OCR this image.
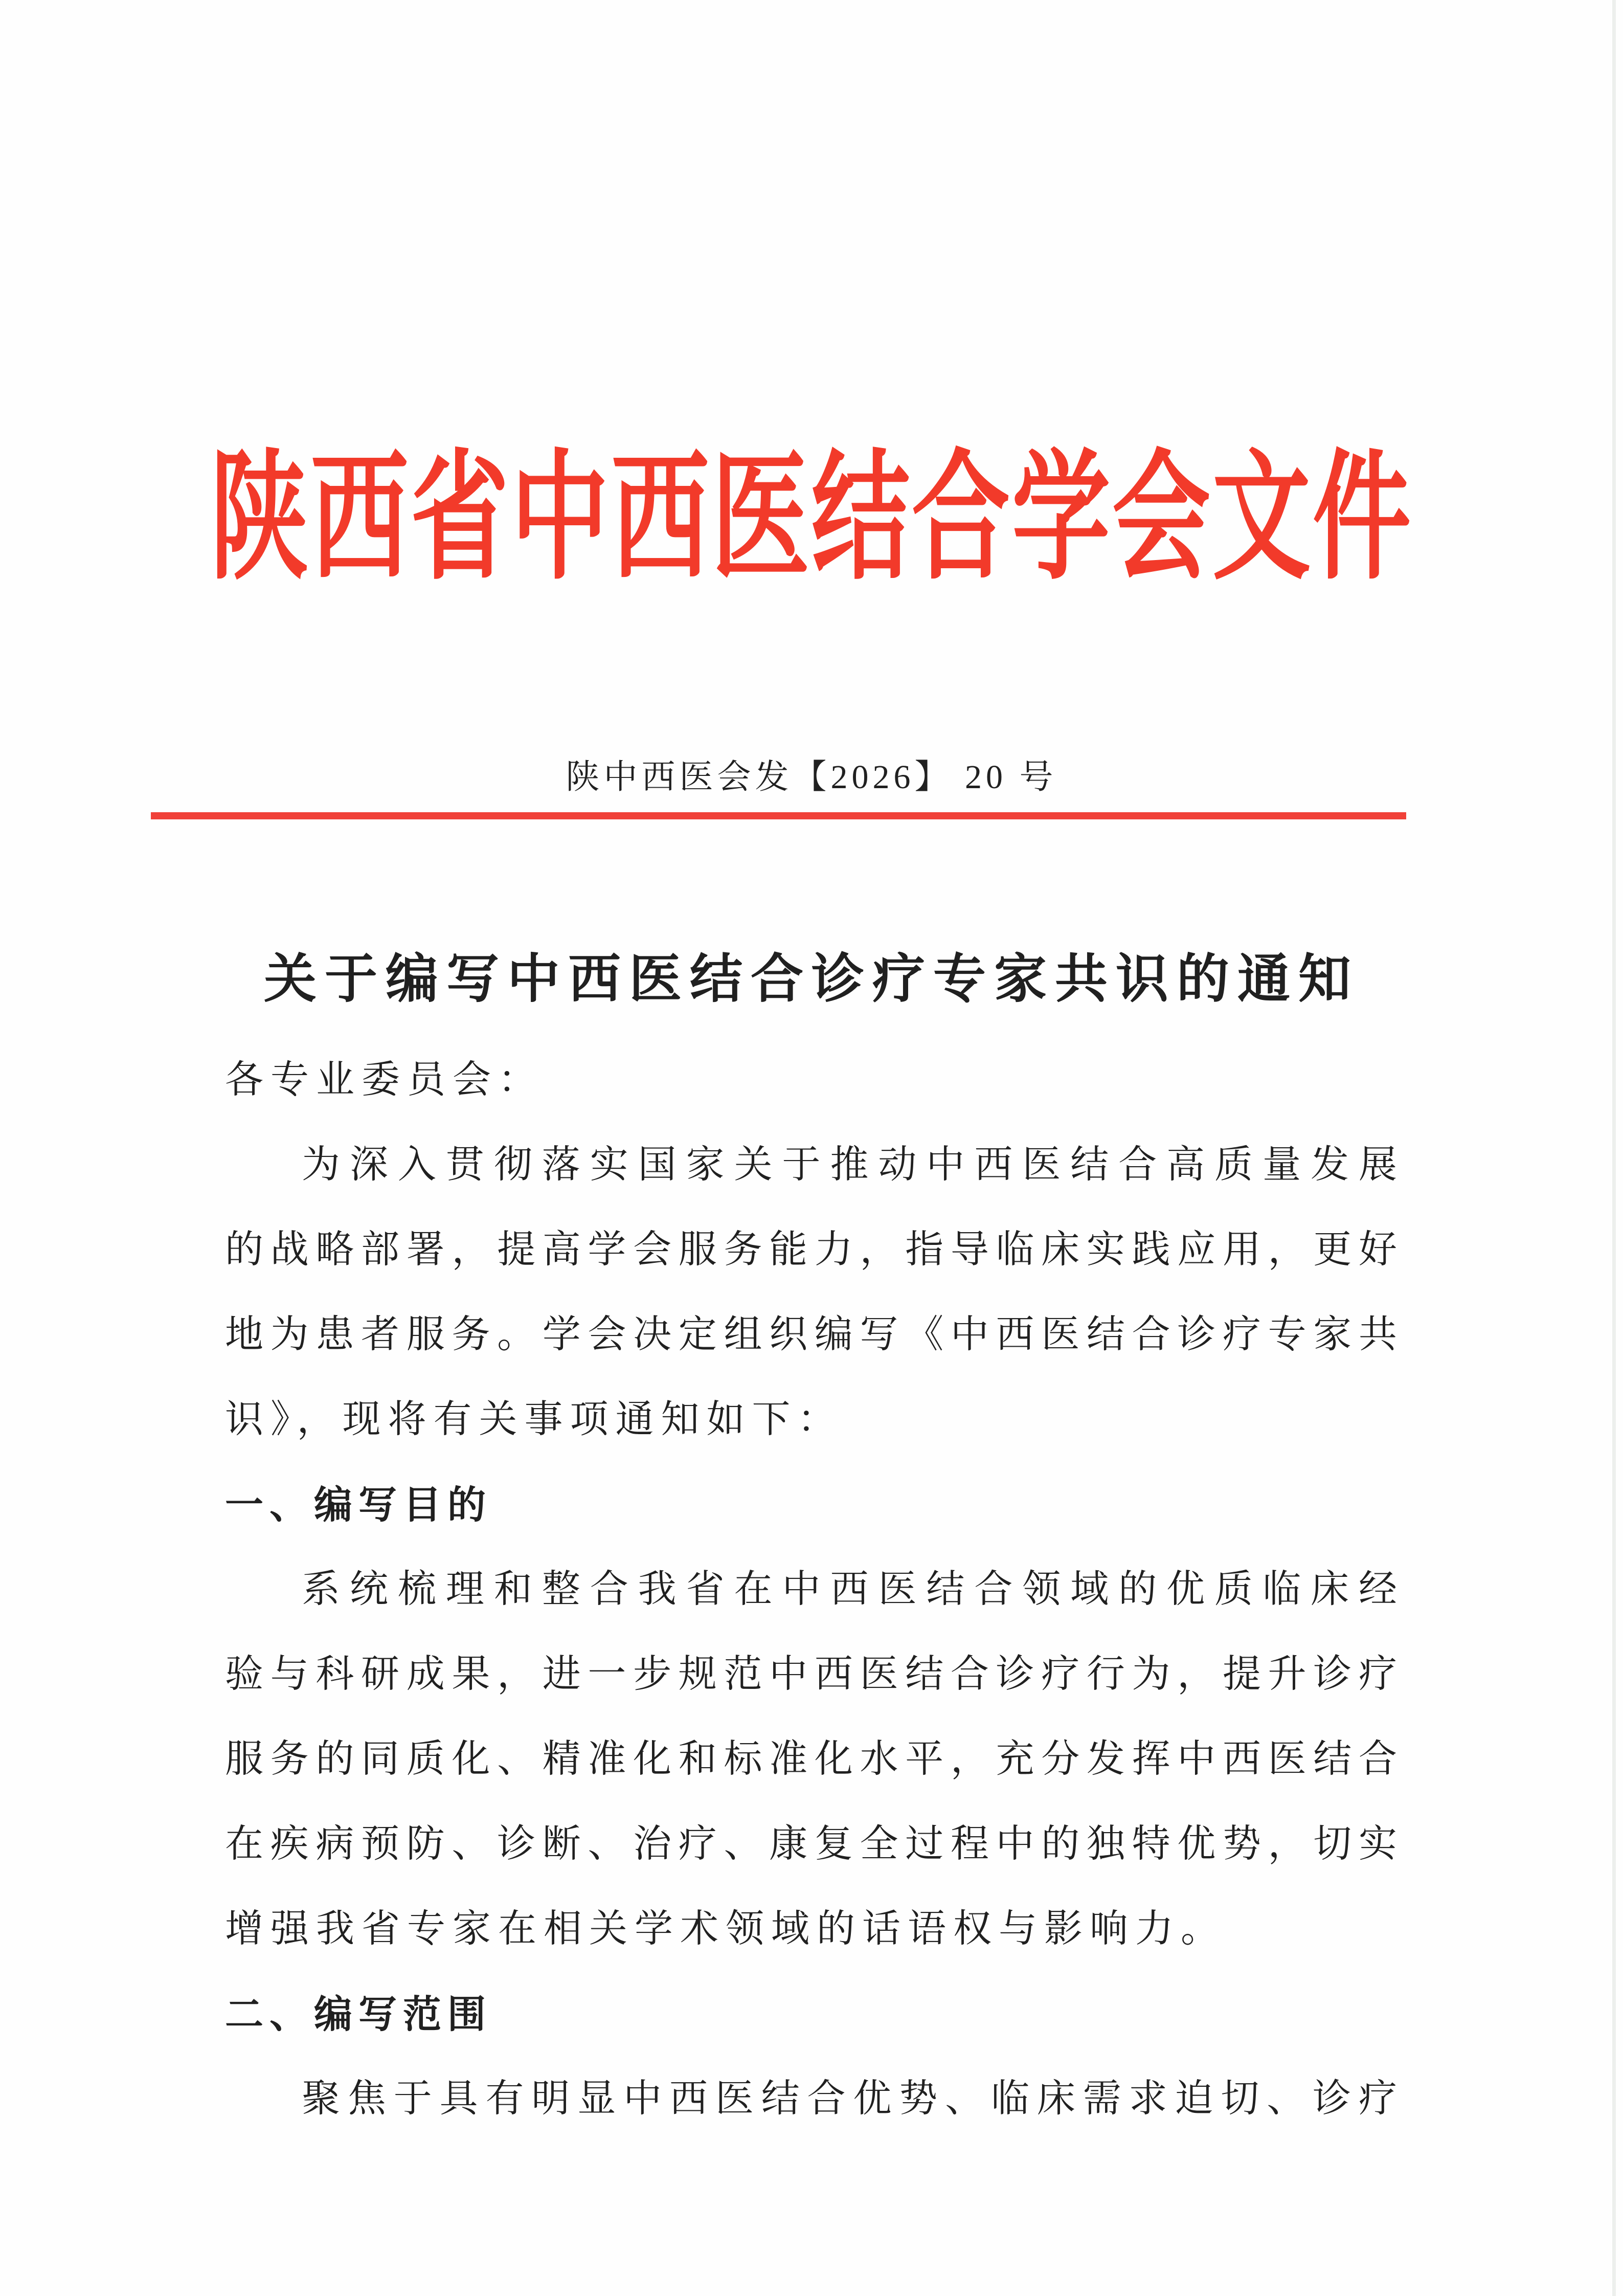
陕西省中西医结合学会文件
陕中西医会发【2026】 20 号
关于编写中西医结合诊疗专家共识的通知
各专业委员会：
为深入贯彻落实国家关于推动中西医结合高质量发展
的战略部署，提高学会服务能力，指导临床实践应用，更好
地为患者服务。学会决定组织编写《中西医结合诊疗专家共
识》，现将有关事项通知如下：
一、编写目的
系统梳理和整合我省在中西医结合领域的优质临床经
验与科研成果，进一步规范中西医结合诊疗行为，提升诊疗
服务的同质化、精准化和标准化水平，充分发挥中西医结合
在疾病预防、诊断、治疗、康复全过程中的独特优势，切实
增强我省专家在相关学术领域的话语权与影响力。
二、编写范围
聚焦于具有明显中西医结合优势、临床需求迫切、诊疗
